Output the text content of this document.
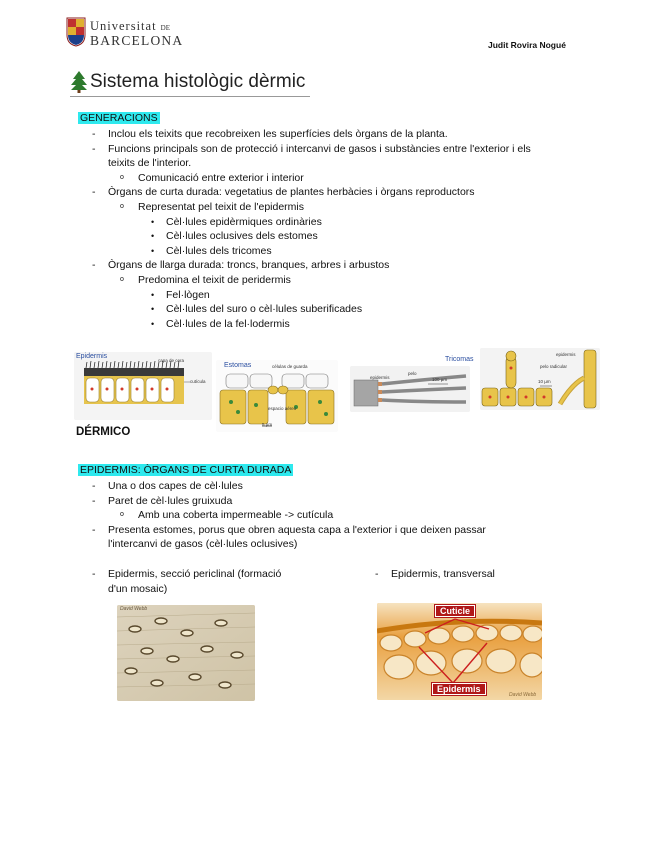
Universitat DE
BARCELONA	Judit Rovira Nogué
Sistema histològic dèrmic
GENERACIONS
- Inclou els teixits que recobreixen les superfícies dels òrgans de la planta.
- Funcions principals son de protecció i intercanvi de gasos i substàncies entre l'exterior i els
teixits de l'interior.
o Comunicació entre exterior i interior
- Òrgans de curta durada: vegetatius de plantes herbàcies i òrgans reproductors
o Representat pel teixit de l'epidermis
• Cèl·lules epidèrmiques ordinàries
• Cèl·lules oclusives dels estomes
• Cèl·lules dels tricomes
- Òrgans de llarga durada: troncs, branques, arbres i arbustos
o Predomina el teixit de peridermis
• Fel·lògen
• Cèl·lules del suro o cèl·lules suberificades
• Cèl·lules de la fel·lodermis
Epidermis
capa de cera
cutícula
Estomas	células de guarda
espacio aéreo
5 µm
epidermis
pelo
100 µm
Tricomas
epidermis
pelo radicular
10 µm
DÉRMICO
EPIDERMIS: ÒRGANS DE CURTA DURADA
- Una o dos capes de cèl·lules
- Paret de cèl·lules gruixuda
o Amb una coberta impermeable -> cutícula
- Presenta estomes, porus que obren aquesta capa a l'exterior i que deixen passar
l'intercanvi de gasos (cèl·lules oclusives)
- Epidermis, secció periclinal (formació
d'un mosaic)
- Epidermis, transversal
David Webb	Cuticle
Epidermis
David Webb
